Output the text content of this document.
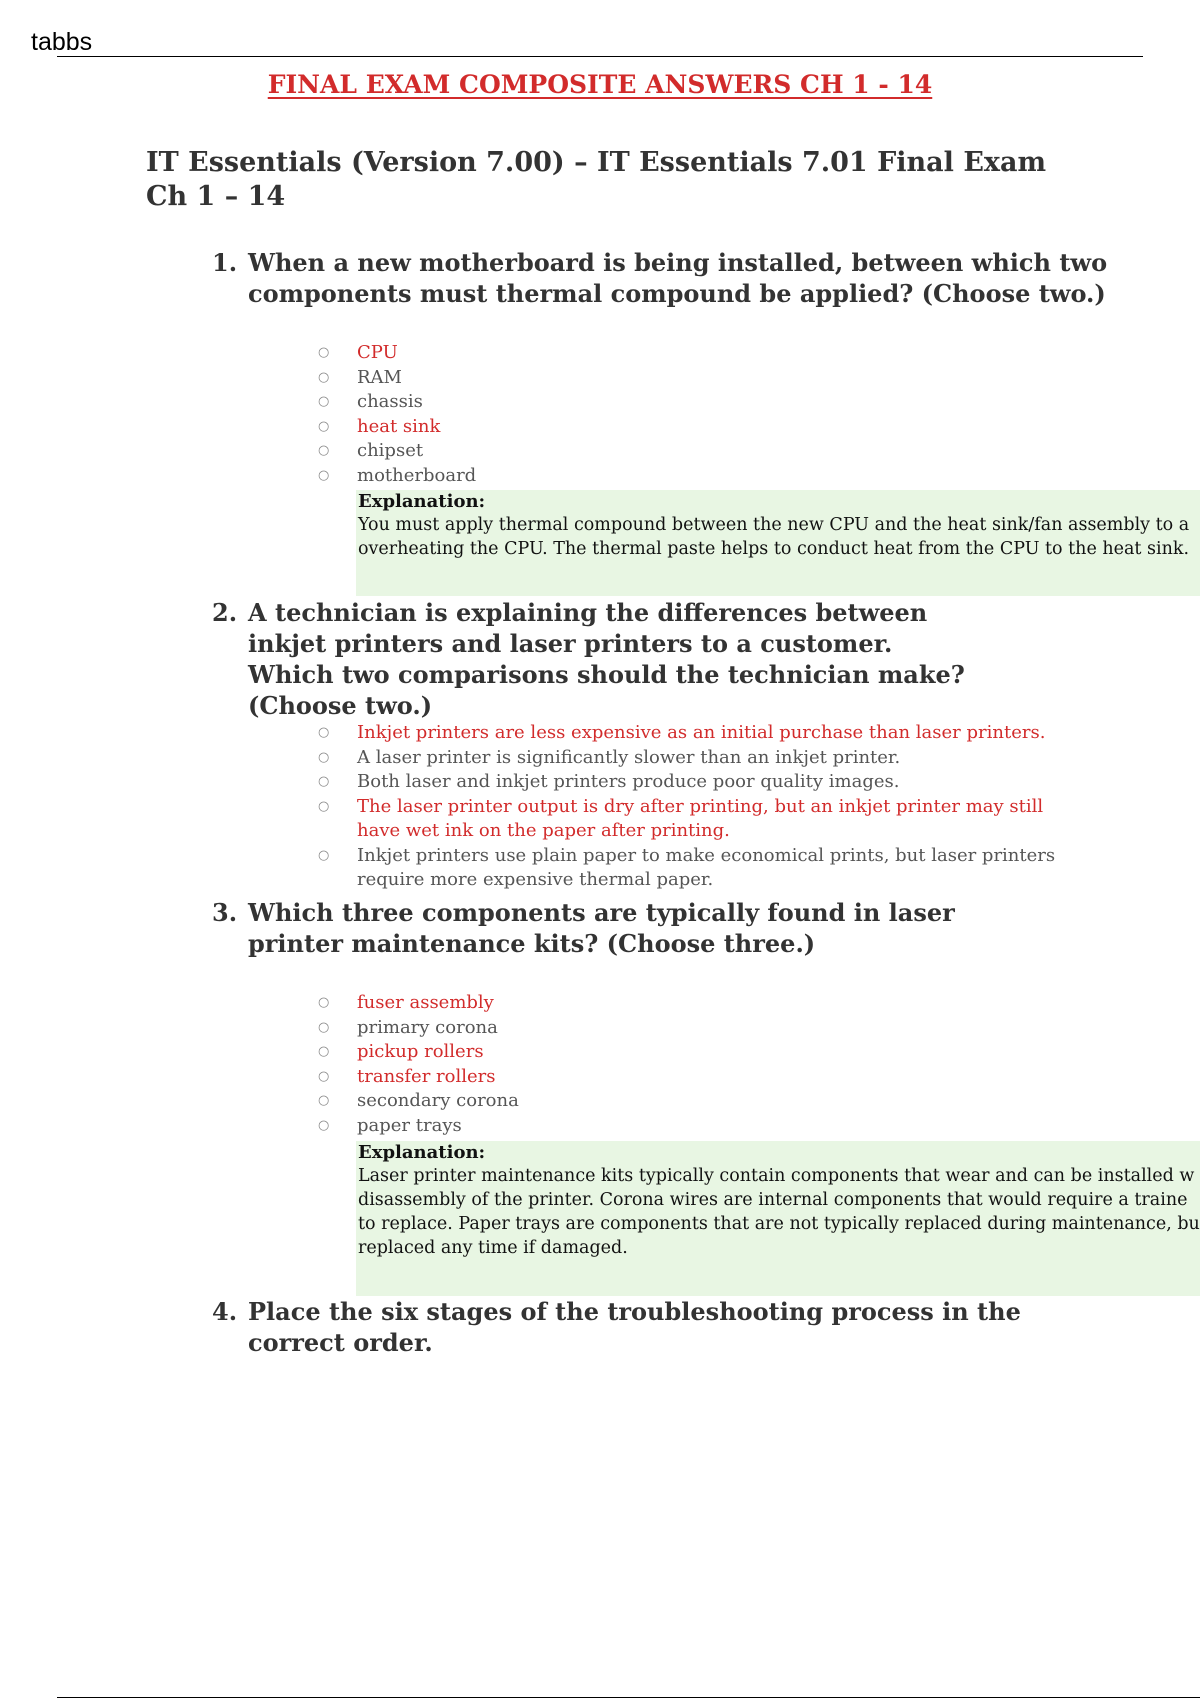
tabbs

FINAL EXAM COMPOSITE ANSWERS CH 1 - 14
IT Essentials (Version 7.00) – IT Essentials 7.01 Final Exam Ch 1 – 14
1. When a new motherboard is being installed, between which two components must thermal compound be applied? (Choose two.)
○ CPU
○ RAM
○ chassis
○ heat sink
○ chipset
○ motherboard

Explanation:

You must apply thermal compound between the new CPU and the heat sink/fan assembly to a

overheating the CPU. The thermal paste helps to conduct heat from the CPU to the heat sink.

2. A technician is explaining the differences between inkjet printers and laser printers to a customer. Which two comparisons should the technician make? (Choose two.)
○ Inkjet printers are less expensive as an initial purchase than laser printers.
○ A laser printer is significantly slower than an inkjet printer.
○ Both laser and inkjet printers produce poor quality images.
○ The laser printer output is dry after printing, but an inkjet printer may still have wet ink on the paper after printing.
○ Inkjet printers use plain paper to make economical prints, but laser printers require more expensive thermal paper.
3. Which three components are typically found in laser printer maintenance kits? (Choose three.)
○ fuser assembly
○ primary corona
○ pickup rollers
○ transfer rollers
○ secondary corona
○ paper trays

Explanation:

Laser printer maintenance kits typically contain components that wear and can be installed w

disassembly of the printer. Corona wires are internal components that would require a traine

to replace. Paper trays are components that are not typically replaced during maintenance, bu

replaced any time if damaged.

4. Place the six stages of the troubleshooting process in the correct order.
